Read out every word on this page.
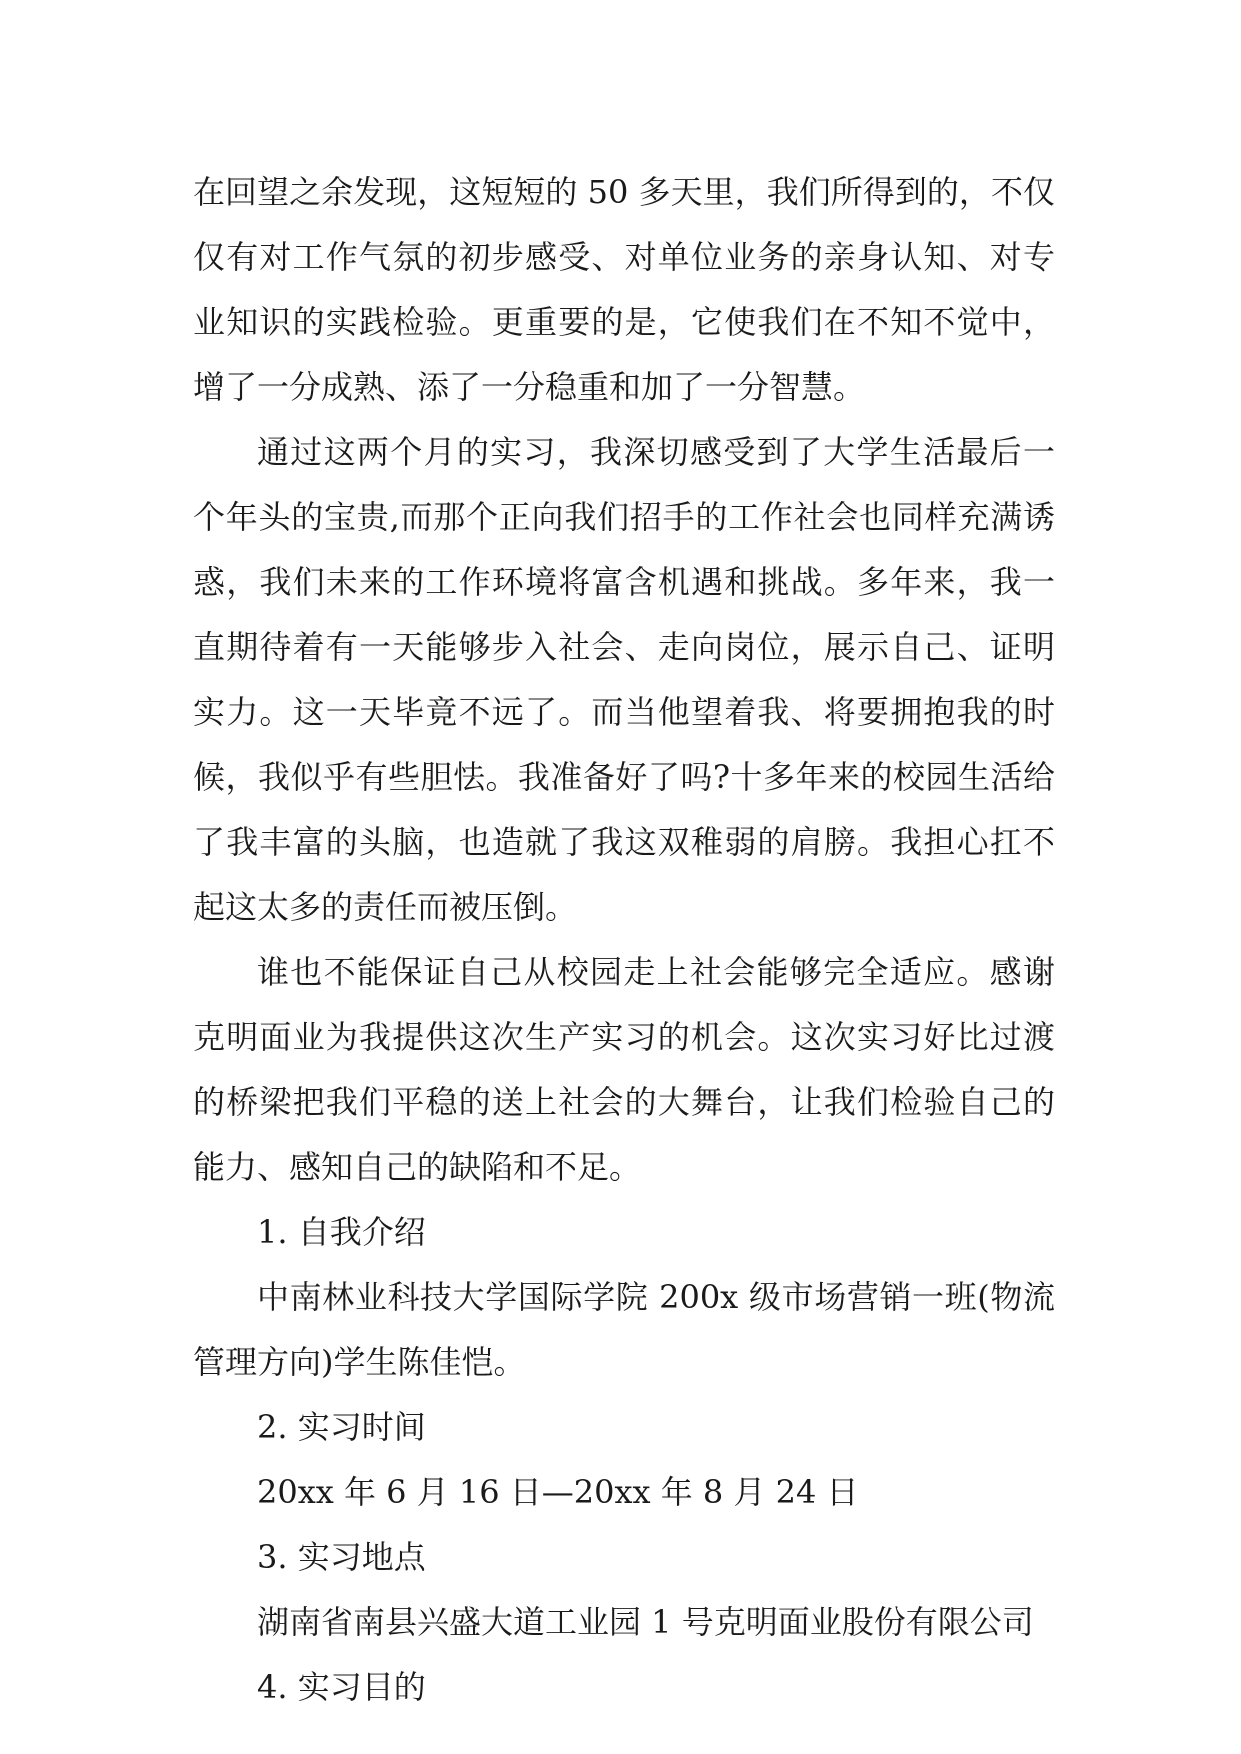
在回望之余发现，这短短的 50 多天里，我们所得到的，不仅仅有对工作气氛的初步感受、对单位业务的亲身认知、对专业知识的实践检验。更重要的是，它使我们在不知不觉中，增了一分成熟、添了一分稳重和加了一分智慧。

通过这两个月的实习，我深切感受到了大学生活最后一个年头的宝贵,而那个正向我们招手的工作社会也同样充满诱惑，我们未来的工作环境将富含机遇和挑战。多年来，我一直期待着有一天能够步入社会、走向岗位，展示自己、证明实力。这一天毕竟不远了。而当他望着我、将要拥抱我的时候，我似乎有些胆怯。我准备好了吗?十多年来的校园生活给了我丰富的头脑，也造就了我这双稚弱的肩膀。我担心扛不起这太多的责任而被压倒。

谁也不能保证自己从校园走上社会能够完全适应。感谢克明面业为我提供这次生产实习的机会。这次实习好比过渡的桥梁把我们平稳的送上社会的大舞台，让我们检验自己的能力、感知自己的缺陷和不足。

1. 自我介绍

中南林业科技大学国际学院 200x 级市场营销一班(物流管理方向)学生陈佳恺。

2. 实习时间

20xx 年 6 月 16 日—20xx 年 8 月 24 日

3. 实习地点

湖南省南县兴盛大道工业园 1 号克明面业股份有限公司

4. 实习目的
